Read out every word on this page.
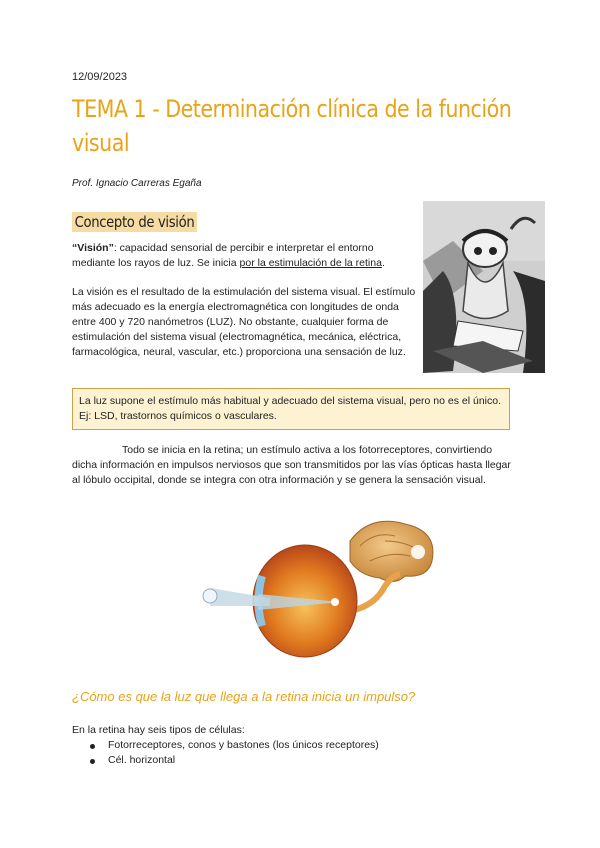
12/09/2023
TEMA 1 - Determinación clínica de la función visual
Prof. Ignacio Carreras Egaña
Concepto de visión
“Visión”: capacidad sensorial de percibir e interpretar el entorno mediante los rayos de luz. Se inicia por la estimulación de la retina.
La visión es el resultado de la estimulación del sistema visual. El estímulo más adecuado es la energía electromagnética con longitudes de onda entre 400 y 720 nanómetros (LUZ). No obstante, cualquier forma de estimulación del sistema visual (electromagnética, mecánica, eléctrica, farmacológica, neural, vascular, etc.) proporciona una sensación de luz.
La luz supone el estímulo más habitual y adecuado del sistema visual, pero no es el único. Ej: LSD, trastornos químicos o vasculares.
Todo se inicia en la retina; un estímulo activa a los fotorreceptores, convirtiendo dicha información en impulsos nerviosos que son transmitidos por las vías ópticas hasta llegar al lóbulo occipital, donde se integra con otra información y se genera la sensación visual.
¿Cómo es que la luz que llega a la retina inicia un impulso?
En la retina hay seis tipos de células:
Fotorreceptores, conos y bastones (los únicos receptores)
Cél. horizontal
